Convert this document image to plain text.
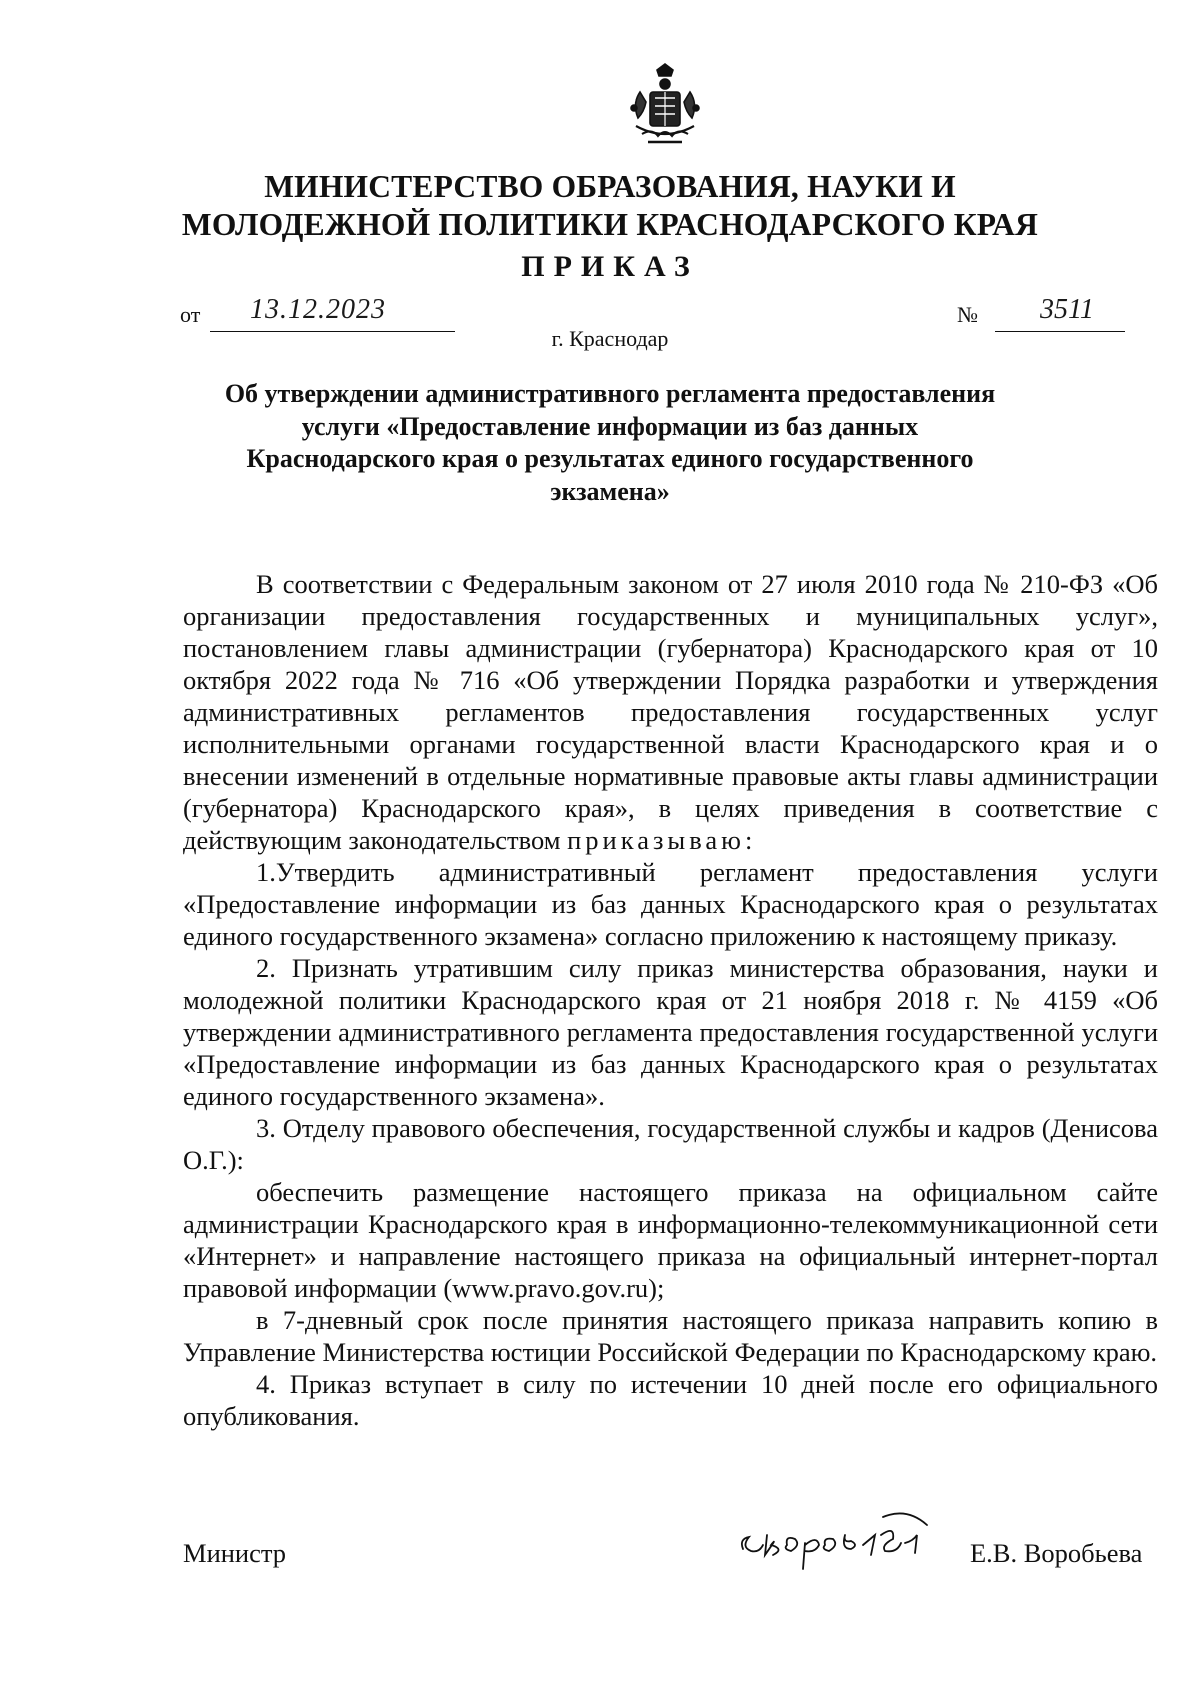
МИНИСТЕРСТВО ОБРАЗОВАНИЯ, НАУКИ И МОЛОДЕЖНОЙ ПОЛИТИКИ КРАСНОДАРСКОГО КРАЯ
ПРИКАЗ
от 13.12.2023	№ 3511
г. Краснодар
Об утверждении административного регламента предоставления услуги «Предоставление информации из баз данных Краснодарского края о результатах единого государственного экзамена»

В соответствии с Федеральным законом от 27 июля 2010 года № 210-ФЗ «Об организации предоставления государственных и муниципальных услуг», постановлением главы администрации (губернатора) Краснодарского края от 10 октября 2022 года № 716 «Об утверждении Порядка разработки и утверждения административных регламентов предоставления государственных услуг исполнительными органами государственной власти Краснодарского края и о внесении изменений в отдельные нормативные правовые акты главы администрации (губернатора) Краснодарского края», в целях приведения в соответствие с действующим законодательством приказываю:

1.Утвердить административный регламент предоставления услуги «Предоставление информации из баз данных Краснодарского края о результатах единого государственного экзамена» согласно приложению к настоящему приказу.

2. Признать утратившим силу приказ министерства образования, науки и молодежной политики Краснодарского края от 21 ноября 2018 г. № 4159 «Об утверждении административного регламента предоставления государственной услуги «Предоставление информации из баз данных Краснодарского края о результатах единого государственного экзамена».

3. Отделу правового обеспечения, государственной службы и кадров (Денисова О.Г.):

обеспечить размещение настоящего приказа на официальном сайте администрации Краснодарского края в информационно-телекоммуникационной сети «Интернет» и направление настоящего приказа на официальный интернет-портал правовой информации (www.pravo.gov.ru);

в 7-дневный срок после принятия настоящего приказа направить копию в Управление Министерства юстиции Российской Федерации по Краснодарскому краю.

4. Приказ вступает в силу по истечении 10 дней после его официального опубликования.

Министр	Е.В. Воробьева
